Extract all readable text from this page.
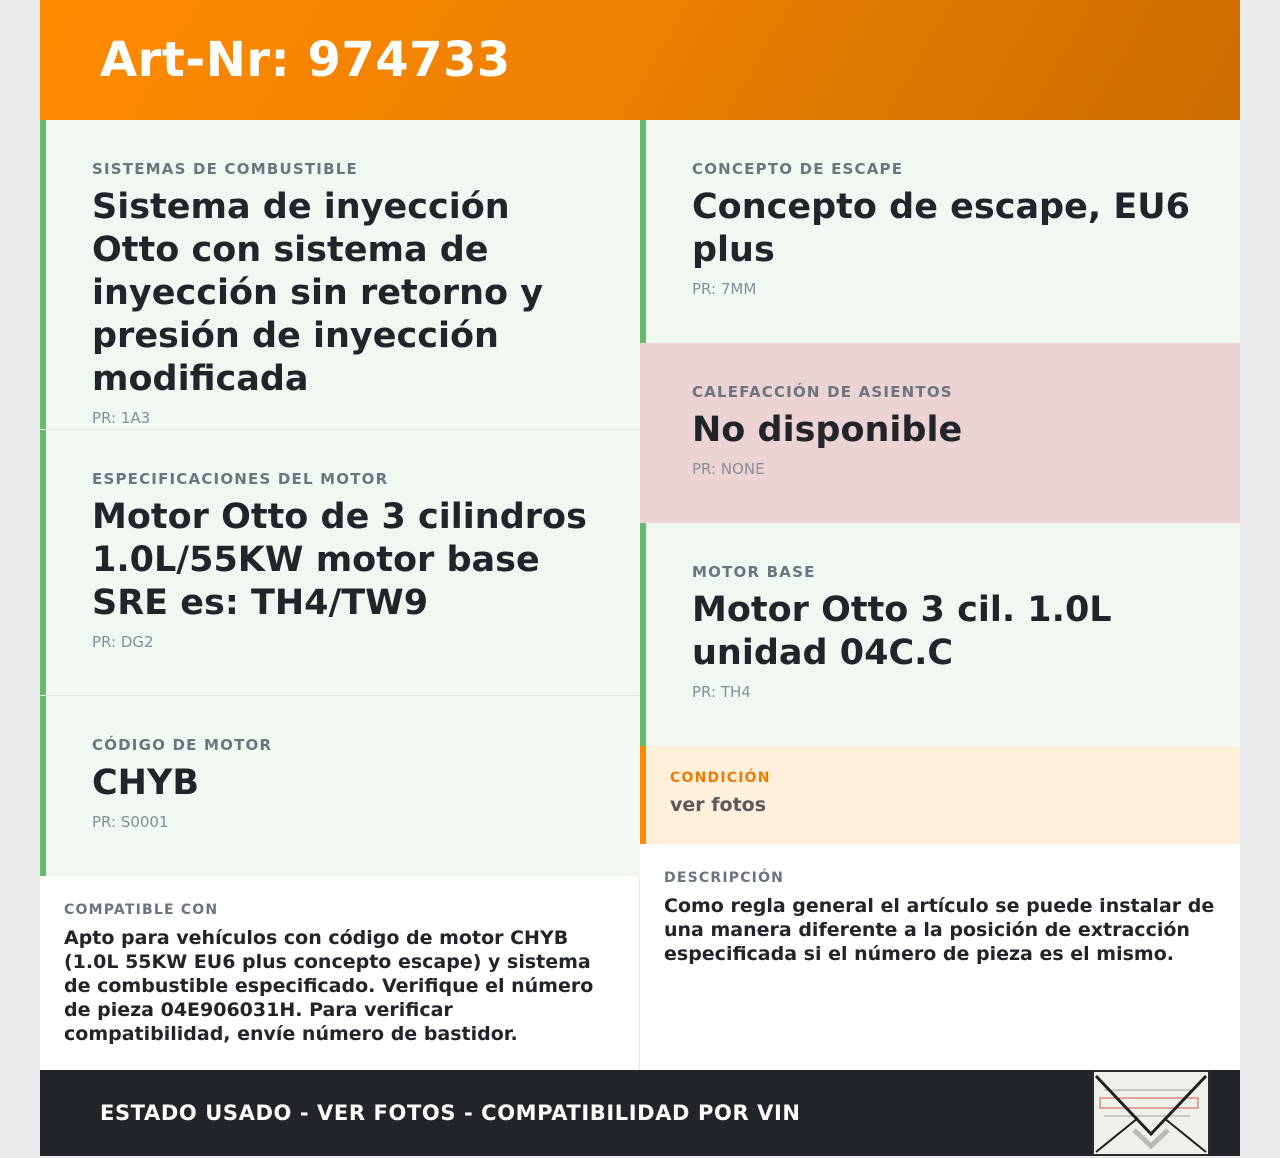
Art-Nr: 974733
SISTEMAS DE COMBUSTIBLE
Sistema de inyección Otto con sistema de inyección sin retorno y presión de inyección modificada
PR: 1A3
ESPECIFICACIONES DEL MOTOR
Motor Otto de 3 cilindros 1.0L/55KW motor base SRE es: TH4/TW9
PR: DG2
CÓDIGO DE MOTOR
CHYB
PR: S0001
COMPATIBLE CON
Apto para vehículos con código de motor CHYB (1.0L 55KW EU6 plus concepto escape) y sistema de combustible especificado. Verifique el número de pieza 04E906031H. Para verificar compatibilidad, envíe número de bastidor.
CONCEPTO DE ESCAPE
Concepto de escape, EU6 plus
PR: 7MM
CALEFACCIÓN DE ASIENTOS
No disponible
PR: NONE
MOTOR BASE
Motor Otto 3 cil. 1.0L unidad 04C.C
PR: TH4
CONDICIÓN
ver fotos
DESCRIPCIÓN
Como regla general el artículo se puede instalar de una manera diferente a la posición de extracción especificada si el número de pieza es el mismo.
ESTADO USADO - VER FOTOS - COMPATIBILIDAD POR VIN
